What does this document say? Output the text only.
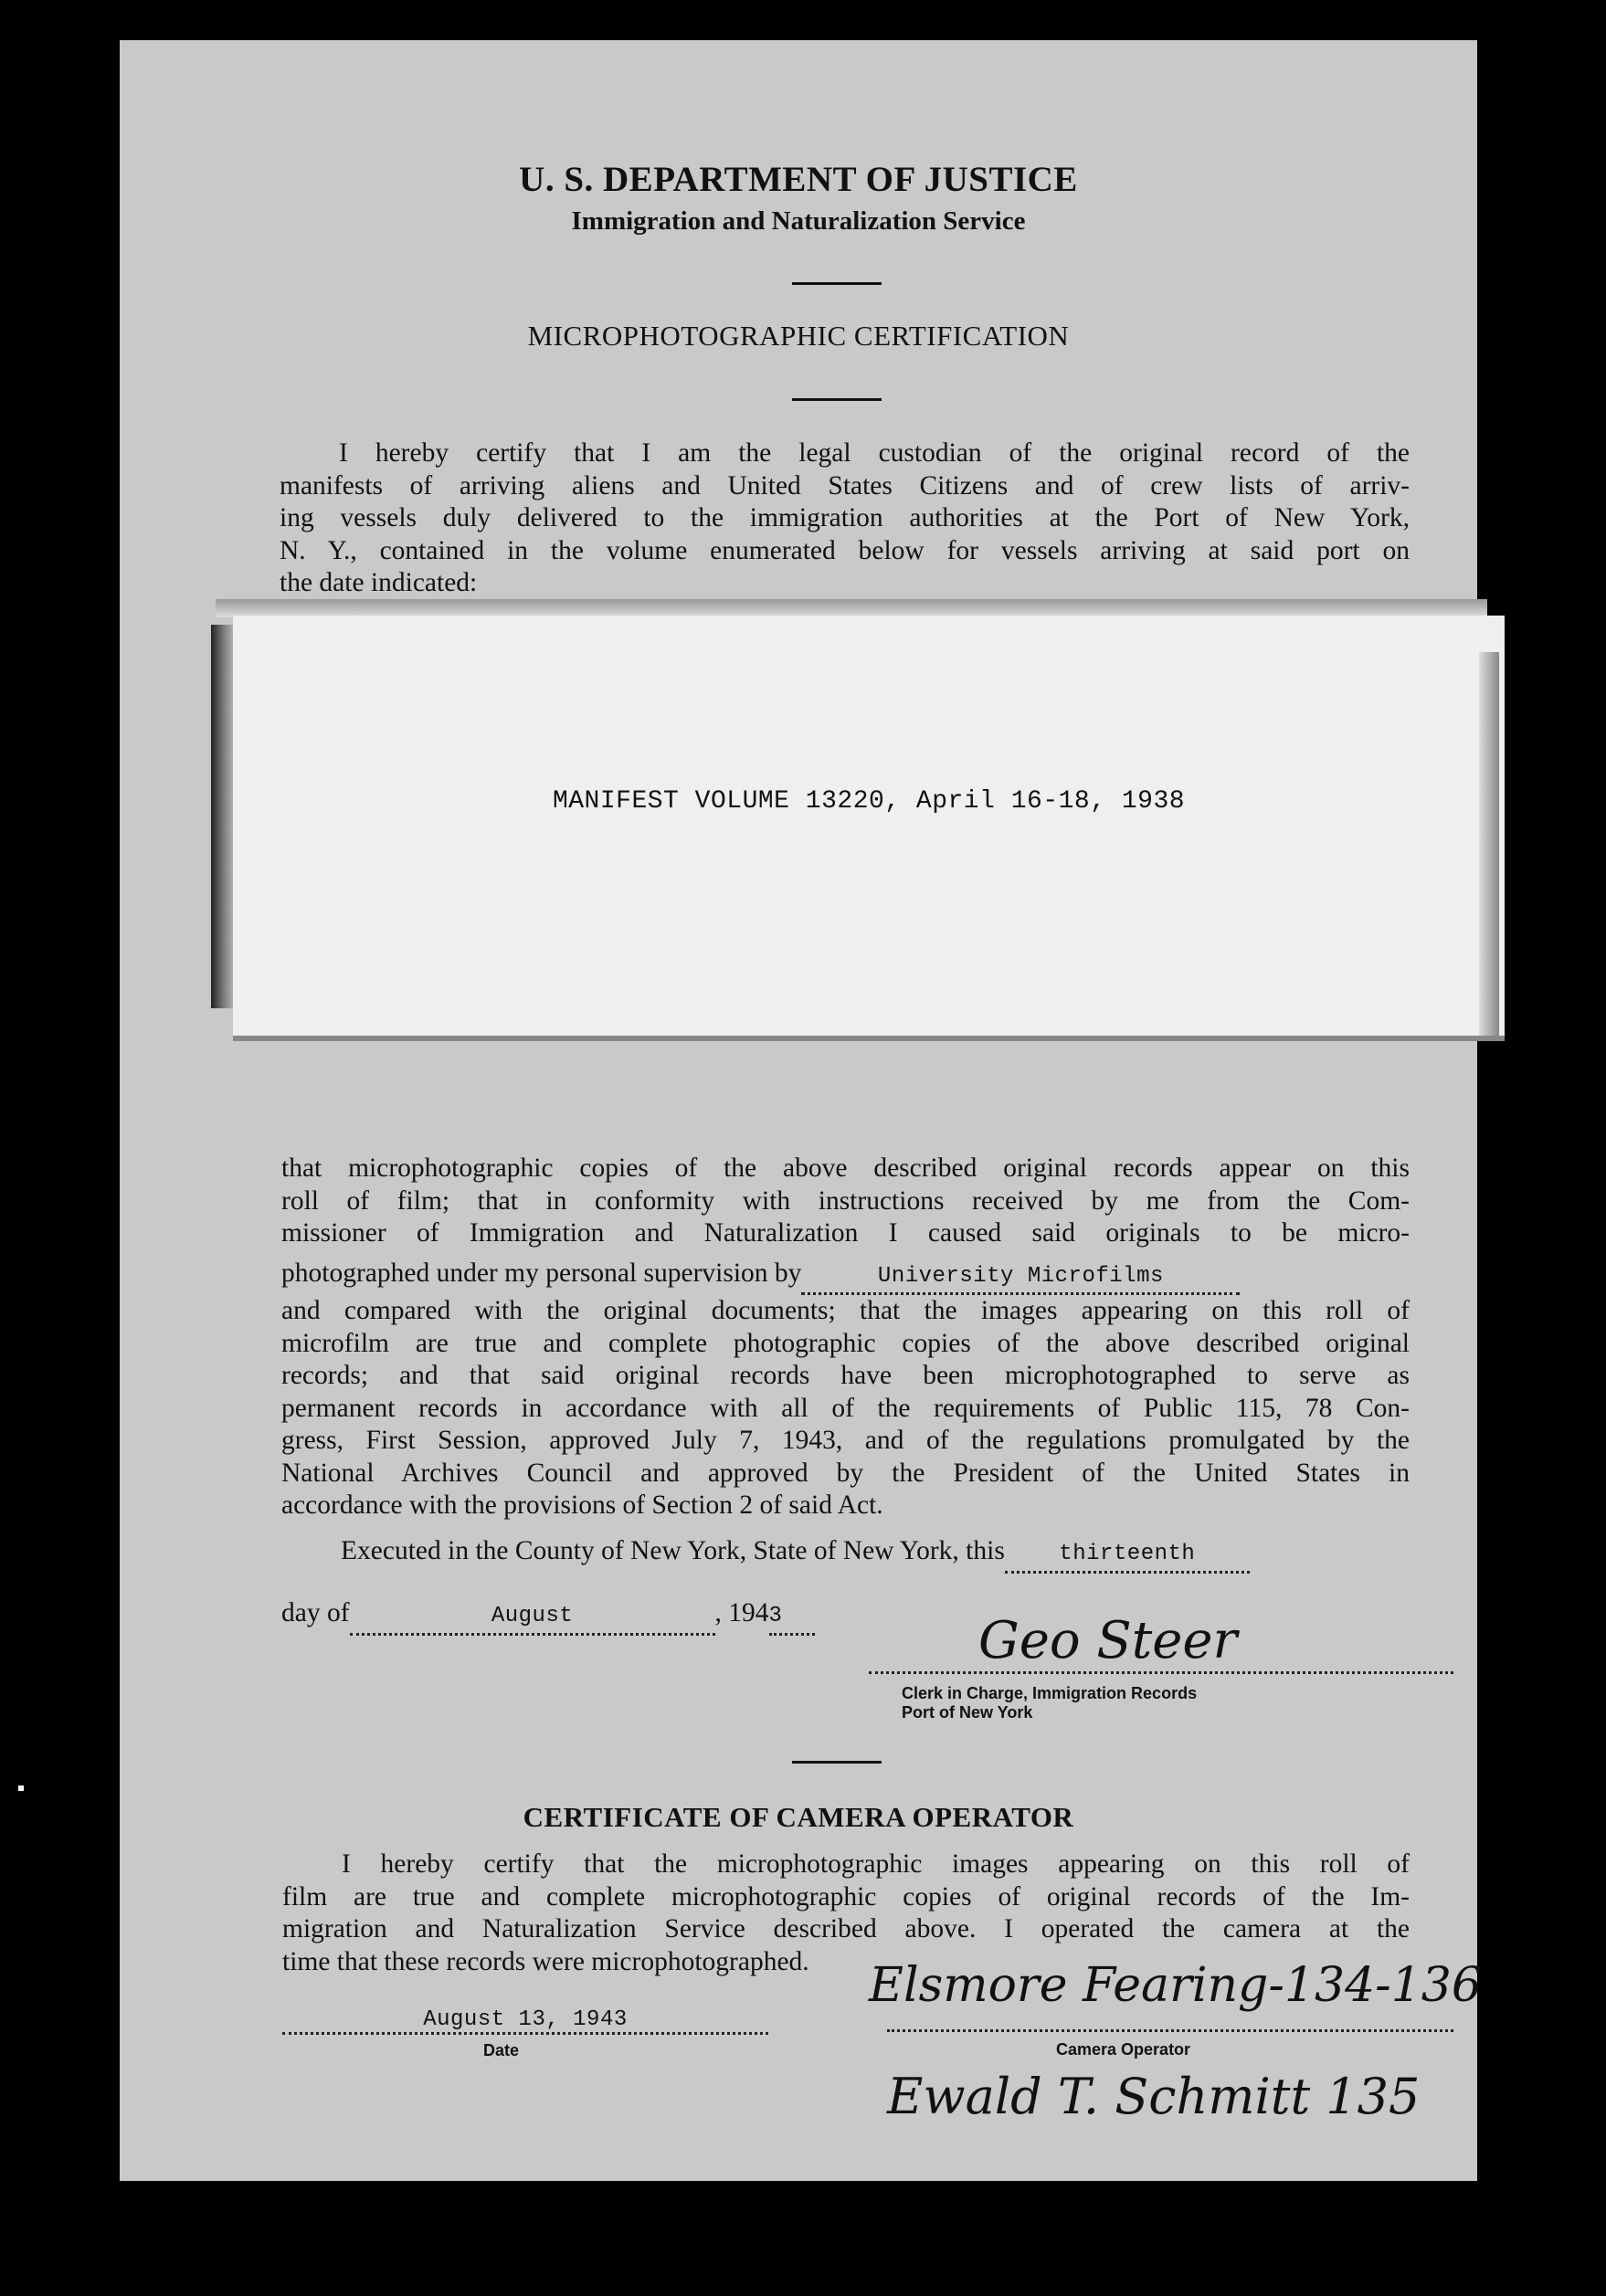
U. S. DEPARTMENT OF JUSTICE
Immigration and Naturalization Service
MICROPHOTOGRAPHIC CERTIFICATION
I hereby certify that I am the legal custodian of the original record of the
manifests of arriving aliens and United States Citizens and of crew lists of arriv-
ing vessels duly delivered to the immigration authorities at the Port of New York,
N. Y., contained in the volume enumerated below for vessels arriving at said port on
the date indicated:
MANIFEST VOLUME 13220, April 16-18, 1938
that microphotographic copies of the above described original records appear on this
roll of film; that in conformity with instructions received by me from the Com-
missioner of Immigration and Naturalization I caused said originals to be micro-
photographed under my personal supervision by	University Microfilms
and compared with the original documents; that the images appearing on this roll of
microfilm are true and complete photographic copies of the above described original
records; and that said original records have been microphotographed to serve as
permanent records in accordance with all of the requirements of Public 115, 78 Con-
gress, First Session, approved July 7, 1943, and of the regulations promulgated by the
National Archives Council and approved by the President of the United States in
accordance with the provisions of Section 2 of said Act.
Executed in the County of New York, State of New York, this thirteenth
day of	August	, 1943	Geo Steer
Clerk in Charge, Immigration Records
Port of New York
CERTIFICATE OF CAMERA OPERATOR
I hereby certify that the microphotographic images appearing on this roll of
film are true and complete microphotographic copies of original records of the Im-
migration and Naturalization Service described above. I operated the camera at the
time that these records were microphotographed.
August 13, 1943
Date
Elsmore Fearing-134-136
Camera Operator
Ewald T. Schmitt 135
